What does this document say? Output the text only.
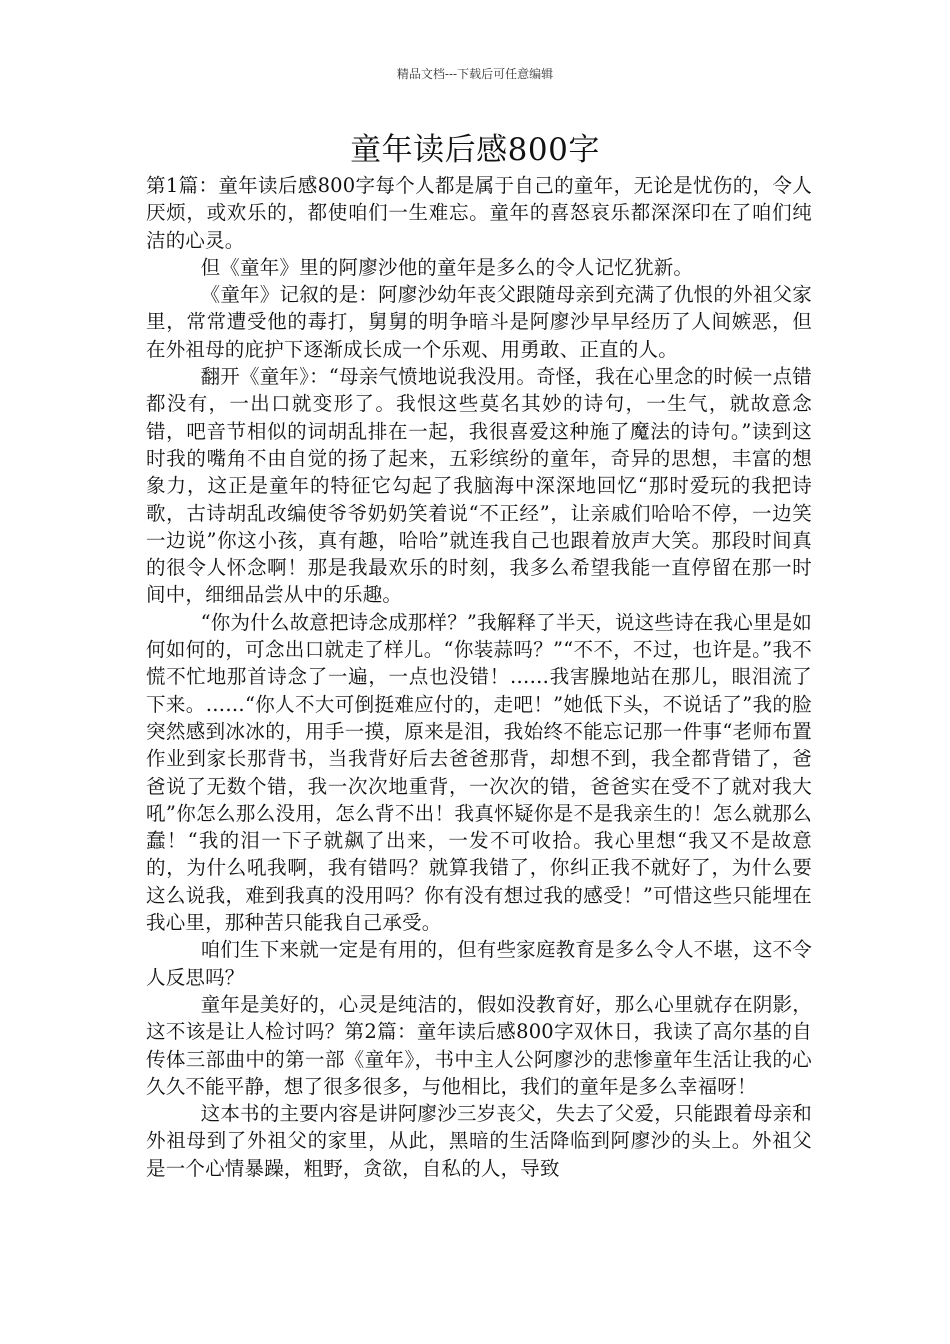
精品文档---下载后可任意编辑
童年读后感800字

第1篇：童年读后感800字每个人都是属于自己的童年，无论是忧伤的，令人厌烦，或欢乐的，都使咱们一生难忘。童年的喜怒哀乐都深深印在了咱们纯洁的心灵。

但《童年》里的阿廖沙他的童年是多么的令人记忆犹新。

《童年》记叙的是：阿廖沙幼年丧父跟随母亲到充满了仇恨的外祖父家里，常常遭受他的毒打，舅舅的明争暗斗是阿廖沙早早经历了人间嫉恶，但在外祖母的庇护下逐渐成长成一个乐观、用勇敢、正直的人。

翻开《童年》：“母亲气愤地说我没用。奇怪，我在心里念的时候一点错都没有，一出口就变形了。我恨这些莫名其妙的诗句，一生气，就故意念错，吧音节相似的词胡乱排在一起，我很喜爱这种施了魔法的诗句。”读到这时我的嘴角不由自觉的扬了起来，五彩缤纷的童年，奇异的思想，丰富的想象力，这正是童年的特征它勾起了我脑海中深深地回忆“那时爱玩的我把诗歌，古诗胡乱改编使爷爷奶奶笑着说“不正经”，让亲戚们哈哈不停，一边笑一边说”你这小孩，真有趣，哈哈”就连我自己也跟着放声大笑。那段时间真的很令人怀念啊！那是我最欢乐的时刻，我多么希望我能一直停留在那一时间中，细细品尝从中的乐趣。

“你为什么故意把诗念成那样？”我解释了半天，说这些诗在我心里是如何如何的，可念出口就走了样儿。“你装蒜吗？”“不不，不过，也许是。”我不慌不忙地那首诗念了一遍，一点也没错！……我害臊地站在那儿，眼泪流了下来。……“你人不大可倒挺难应付的，走吧！”她低下头，不说话了”我的脸突然感到冰冰的，用手一摸，原来是泪，我始终不能忘记那一件事“老师布置作业到家长那背书，当我背好后去爸爸那背，却想不到，我全都背错了，爸爸说了无数个错，我一次次地重背，一次次的错，爸爸实在受不了就对我大吼”你怎么那么没用，怎么背不出！我真怀疑你是不是我亲生的！怎么就那么蠢！“我的泪一下子就飙了出来，一发不可收拾。我心里想“我又不是故意的，为什么吼我啊，我有错吗？就算我错了，你纠正我不就好了，为什么要这么说我，难到我真的没用吗？你有没有想过我的感受！”可惜这些只能埋在我心里，那种苦只能我自己承受。

咱们生下来就一定是有用的，但有些家庭教育是多么令人不堪，这不令人反思吗？

童年是美好的，心灵是纯洁的，假如没教育好，那么心里就存在阴影，这不该是让人检讨吗？第2篇：童年读后感800字双休日，我读了高尔基的自传体三部曲中的第一部《童年》，书中主人公阿廖沙的悲惨童年生活让我的心久久不能平静，想了很多很多，与他相比，我们的童年是多么幸福呀！

这本书的主要内容是讲阿廖沙三岁丧父，失去了父爱，只能跟着母亲和外祖母到了外祖父的家里，从此，黑暗的生活降临到阿廖沙的头上。外祖父是一个心情暴躁，粗野，贪欲，自私的人，导致
